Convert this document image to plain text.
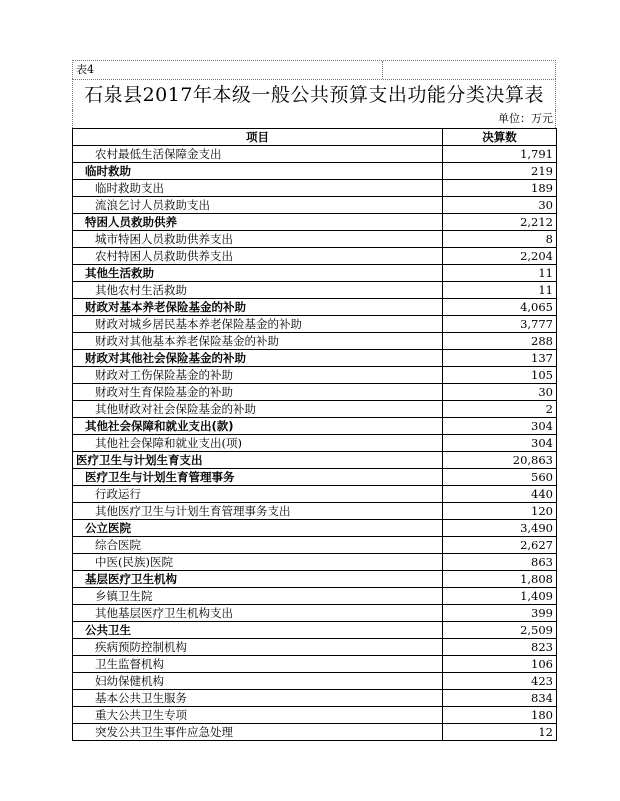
表4
石泉县2017年本级一般公共预算支出功能分类决算表
单位：万元
项目	决算数
农村最低生活保障金支出	1,791
临时救助	219
临时救助支出	189
流浪乞讨人员救助支出	30
特困人员救助供养	2,212
城市特困人员救助供养支出	8
农村特困人员救助供养支出	2,204
其他生活救助	11
其他农村生活救助	11
财政对基本养老保险基金的补助	4,065
财政对城乡居民基本养老保险基金的补助	3,777
财政对其他基本养老保险基金的补助	288
财政对其他社会保险基金的补助	137
财政对工伤保险基金的补助	105
财政对生育保险基金的补助	30
其他财政对社会保险基金的补助	2
其他社会保障和就业支出(款)	304
其他社会保障和就业支出(项)	304
医疗卫生与计划生育支出	20,863
医疗卫生与计划生育管理事务	560
行政运行	440
其他医疗卫生与计划生育管理事务支出	120
公立医院	3,490
综合医院	2,627
中医(民族)医院	863
基层医疗卫生机构	1,808
乡镇卫生院	1,409
其他基层医疗卫生机构支出	399
公共卫生	2,509
疾病预防控制机构	823
卫生监督机构	106
妇幼保健机构	423
基本公共卫生服务	834
重大公共卫生专项	180
突发公共卫生事件应急处理	12
